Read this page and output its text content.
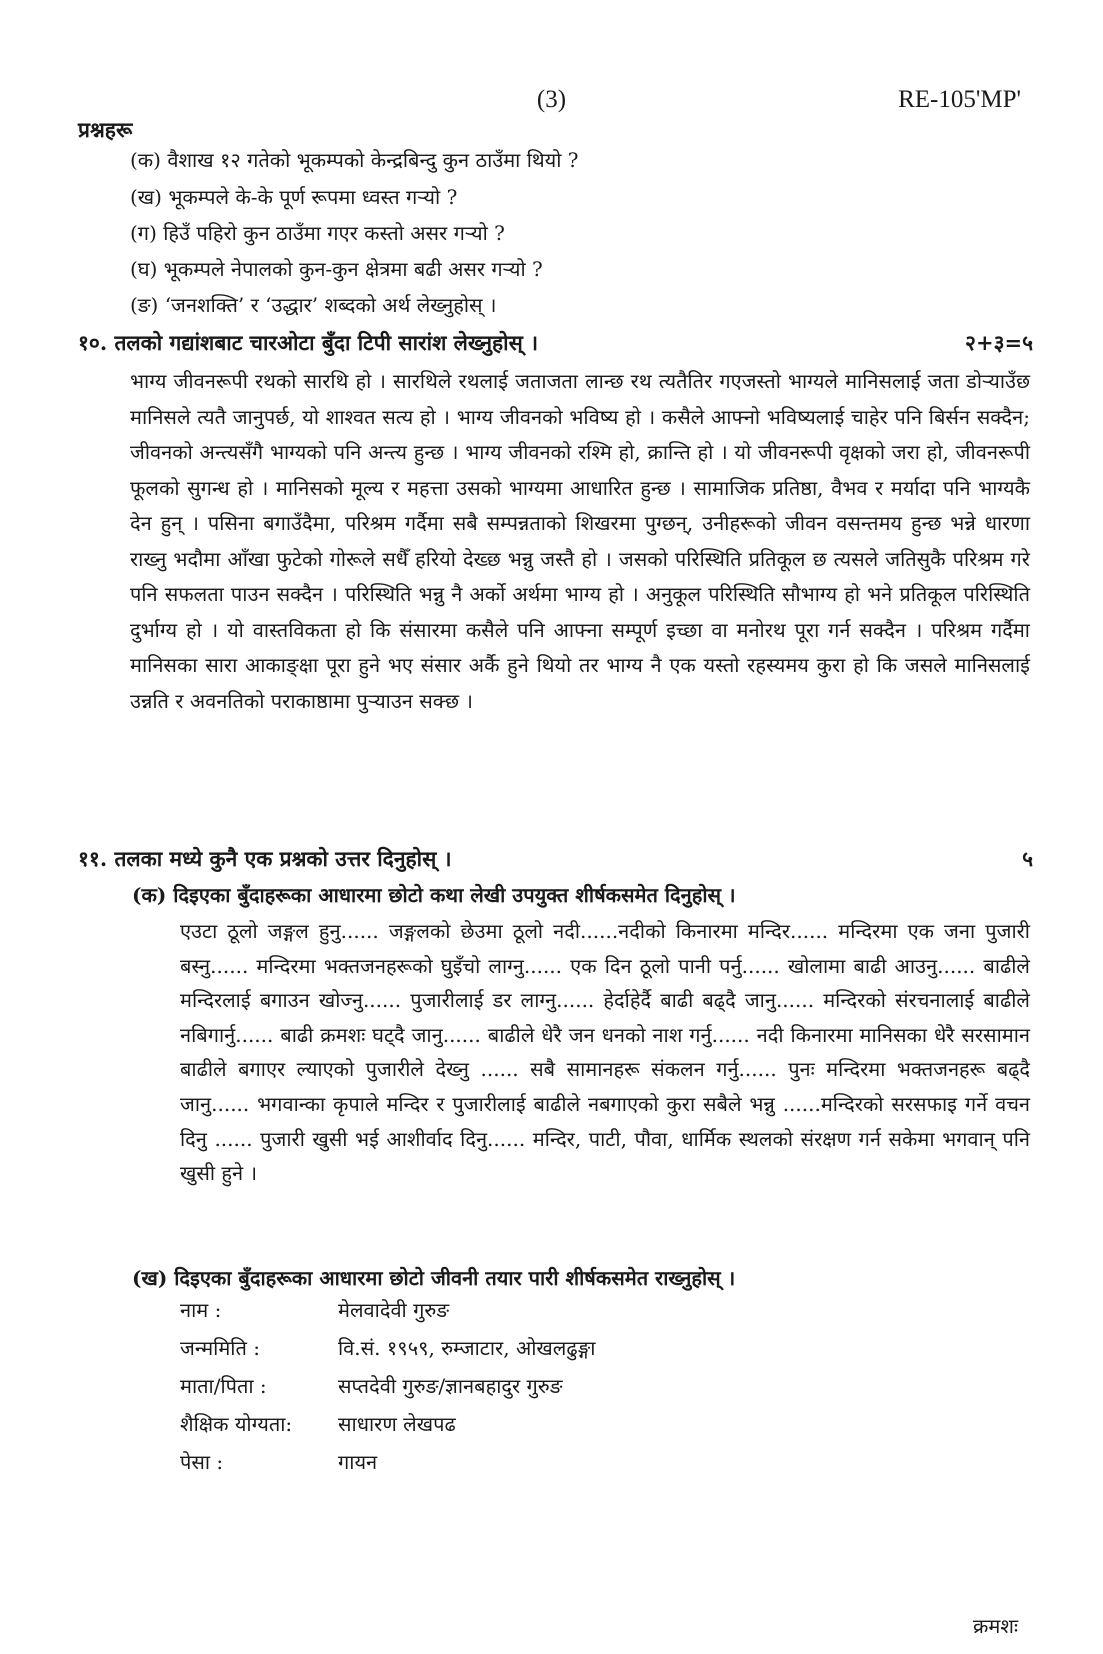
(3)	RE-105'MP'
प्रश्नहरू
(क) वैशाख १२ गतेको भूकम्पको केन्द्रबिन्दु कुन ठाउँमा थियो ?
(ख) भूकम्पले के-के पूर्ण रूपमा ध्वस्त गऱ्यो ?
(ग) हिउँ पहिरो कुन ठाउँमा गएर कस्तो असर गऱ्यो ?
(घ) भूकम्पले नेपालको कुन-कुन क्षेत्रमा बढी असर गऱ्यो ?
(ङ) ‘जनशक्ति’ र ‘उद्धार’ शब्दको अर्थ लेख्नुहोस् ।
१०. तलको गद्यांशबाट चारओटा बुँदा टिपी सारांश लेख्नुहोस् ।	२+३=५
भाग्य जीवनरूपी रथको सारथि हो । सारथिले रथलाई जताजता लान्छ रथ त्यतैतिर गएजस्तो भाग्यले मानिसलाई जता डोऱ्याउँछ मानिसले त्यतै जानुपर्छ, यो शाश्वत सत्य हो । भाग्य जीवनको भविष्य हो । कसैले आफ्नो भविष्यलाई चाहेर पनि बिर्सन सक्दैन; जीवनको अन्त्यसँगै भाग्यको पनि अन्त्य हुन्छ । भाग्य जीवनको रश्मि हो, क्रान्ति हो । यो जीवनरूपी वृक्षको जरा हो, जीवनरूपी फूलको सुगन्ध हो । मानिसको मूल्य र महत्ता उसको भाग्यमा आधारित हुन्छ । सामाजिक प्रतिष्ठा, वैभव र मर्यादा पनि भाग्यकै देन हुन् । पसिना बगाउँदैमा, परिश्रम गर्दैमा सबै सम्पन्नताको शिखरमा पुग्छन्, उनीहरूको जीवन वसन्तमय हुन्छ भन्ने धारणा राख्नु भदौमा आँखा फुटेको गोरूले सधैँ हरियो देख्छ भन्नु जस्तै हो । जसको परिस्थिति प्रतिकूल छ त्यसले जतिसुकै परिश्रम गरे पनि सफलता पाउन सक्दैन । परिस्थिति भन्नु नै अर्को अर्थमा भाग्य हो । अनुकूल परिस्थिति सौभाग्य हो भने प्रतिकूल परिस्थिति दुर्भाग्य हो । यो वास्तविकता हो कि संसारमा कसैले पनि आफ्ना सम्पूर्ण इच्छा वा मनोरथ पूरा गर्न सक्दैन । परिश्रम गर्दैमा मानिसका सारा आकाङ्क्षा पूरा हुने भए संसार अर्कै हुने थियो तर भाग्य नै एक यस्तो रहस्यमय कुरा हो कि जसले मानिसलाई उन्नति र अवनतिको पराकाष्ठामा पुऱ्याउन सक्छ ।
११. तलका मध्ये कुनै एक प्रश्नको उत्तर दिनुहोस् ।	५
(क) दिइएका बुँदाहरूका आधारमा छोटो कथा लेखी उपयुक्त शीर्षकसमेत दिनुहोस् ।
एउटा ठूलो जङ्गल हुनु...... जङ्गलको छेउमा ठूलो नदी......नदीको किनारमा मन्दिर...... मन्दिरमा एक जना पुजारी बस्नु...... मन्दिरमा भक्तजनहरूको घुइँचो लाग्नु...... एक दिन ठूलो पानी पर्नु...... खोलामा बाढी आउनु...... बाढीले मन्दिरलाई बगाउन खोज्नु...... पुजारीलाई डर लाग्नु...... हेर्दाहेर्दै बाढी बढ्दै जानु...... मन्दिरको संरचनालाई बाढीले नबिगार्नु...... बाढी क्रमशः घट्दै जानु...... बाढीले धेरै जन धनको नाश गर्नु...... नदी किनारमा मानिसका धेरै सरसामान बाढीले बगाएर ल्याएको पुजारीले देख्नु ...... सबै सामानहरू संकलन गर्नु...... पुनः मन्दिरमा भक्तजनहरू बढ्दै जानु...... भगवान्का कृपाले मन्दिर र पुजारीलाई बाढीले नबगाएको कुरा सबैले भन्नु ......मन्दिरको सरसफाइ गर्ने वचन दिनु ...... पुजारी खुसी भई आशीर्वाद दिनु...... मन्दिर, पाटी, पौवा, धार्मिक स्थलको संरक्षण गर्न सकेमा भगवान् पनि खुसी हुने ।
(ख) दिइएका बुँदाहरूका आधारमा छोटो जीवनी तयार पारी शीर्षकसमेत राख्नुहोस् ।
नाम :	मेलवादेवी गुरुङ
जन्ममिति :	वि.सं. १९५९, रुम्जाटार, ओखलढुङ्गा
माता/पिता :	सप्तदेवी गुरुङ/ज्ञानबहादुर गुरुङ
शैक्षिक योग्यता:	साधारण लेखपढ
पेसा :	गायन
क्रमशः
